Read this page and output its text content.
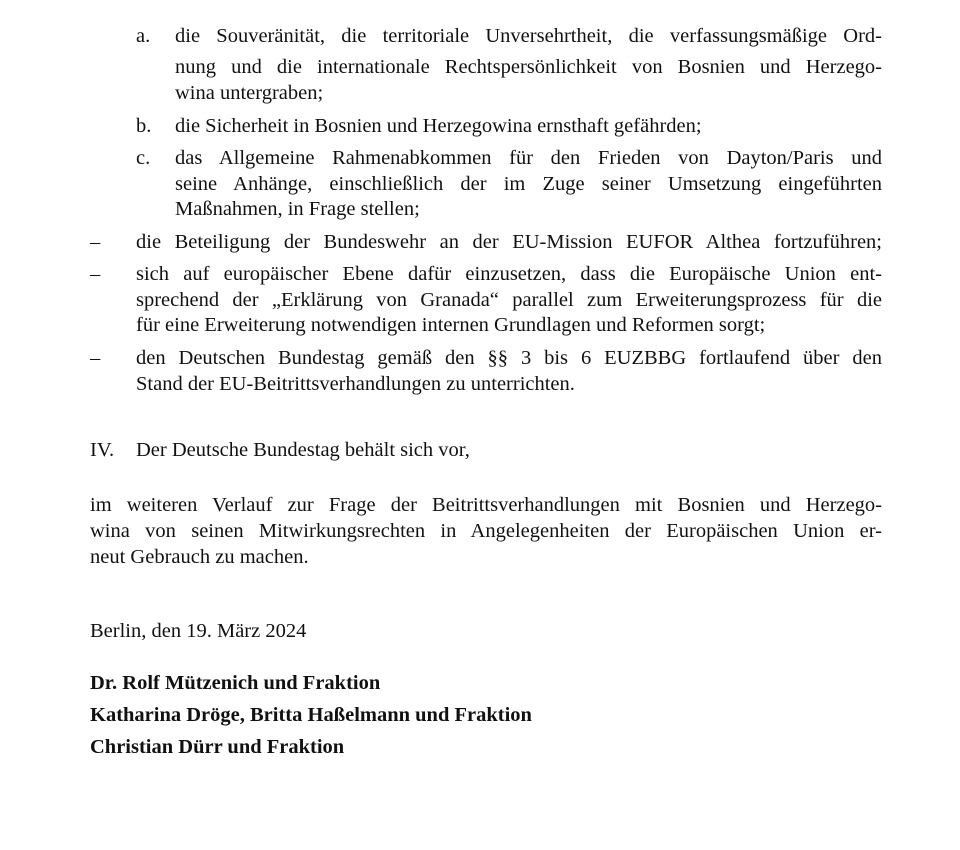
a. die Souveränität, die territoriale Unversehrtheit, die verfassungsmäßige Ord-
nung und die internationale Rechtspersönlichkeit von Bosnien und Herzego-
wina untergraben;
b. die Sicherheit in Bosnien und Herzegowina ernsthaft gefährden;
c. das Allgemeine Rahmenabkommen für den Frieden von Dayton/Paris und
seine Anhänge, einschließlich der im Zuge seiner Umsetzung eingeführten
Maßnahmen, in Frage stellen;
– die Beteiligung der Bundeswehr an der EU-Mission EUFOR Althea fortzuführen;
– sich auf europäischer Ebene dafür einzusetzen, dass die Europäische Union ent-
sprechend der „Erklärung von Granada“ parallel zum Erweiterungsprozess für die
für eine Erweiterung notwendigen internen Grundlagen und Reformen sorgt;
– den Deutschen Bundestag gemäß den §§ 3 bis 6 EUZBBG fortlaufend über den
Stand der EU-Beitrittsverhandlungen zu unterrichten.
IV. Der Deutsche Bundestag behält sich vor,
im weiteren Verlauf zur Frage der Beitrittsverhandlungen mit Bosnien und Herzego-
wina von seinen Mitwirkungsrechten in Angelegenheiten der Europäischen Union er-
neut Gebrauch zu machen.
Berlin, den 19. März 2024
Dr. Rolf Mützenich und Fraktion
Katharina Dröge, Britta Haßelmann und Fraktion
Christian Dürr und Fraktion
